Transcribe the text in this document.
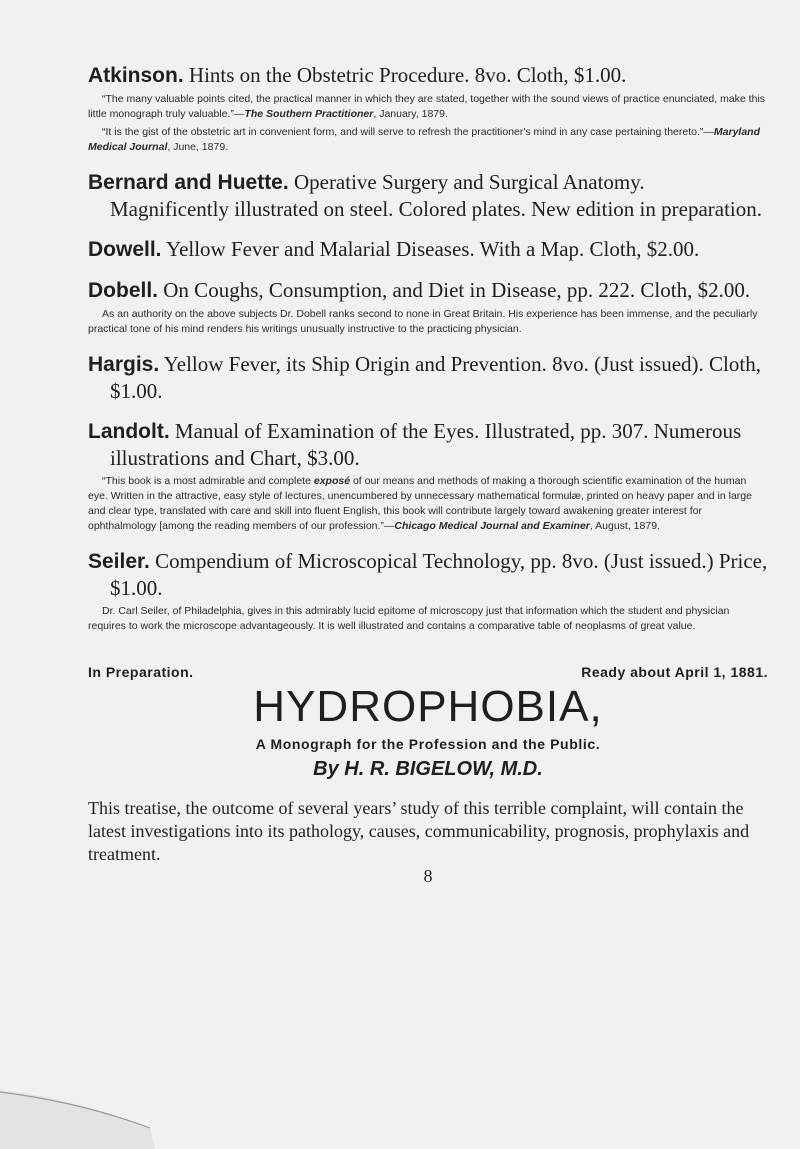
Atkinson. Hints on the Obstetric Procedure. 8vo. Cloth, $1.00.

“The many valuable points cited, the practical manner in which they are stated, together with the sound views of practice enunciated, make this little monograph truly valuable.”—The Southern Practitioner, January, 1879.

“It is the gist of the obstetric art in convenient form, and will serve to refresh the practitioner's mind in any case pertaining thereto.”—Maryland Medical Journal, June, 1879.

Bernard and Huette. Operative Surgery and Surgical Anatomy. Magnificently illustrated on steel. Colored plates. New edition in preparation.

Dowell. Yellow Fever and Malarial Diseases. With a Map. Cloth, $2.00.

Dobell. On Coughs, Consumption, and Diet in Disease, pp. 222. Cloth, $2.00.

As an authority on the above subjects Dr. Dobell ranks second to none in Great Britain. His experience has been immense, and the peculiarly practical tone of his mind renders his writings unusually instructive to the practicing physician.

Hargis. Yellow Fever, its Ship Origin and Prevention. 8vo. (Just issued). Cloth, $1.00.

Landolt. Manual of Examination of the Eyes. Illustrated, pp. 307. Numerous illustrations and Chart, $3.00.

“This book is a most admirable and complete exposé of our means and methods of making a thorough scientific examination of the human eye. Written in the attractive, easy style of lectures, unencumbered by unnecessary mathematical formulæ, printed on heavy paper and in large and clear type, translated with care and skill into fluent English, this book will contribute largely toward awakening greater interest for ophthalmology [among the reading members of our profession.”—Chicago Medical Journal and Examiner, August, 1879.

Seiler. Compendium of Microscopical Technology, pp. 8vo. (Just issued.) Price, $1.00.

Dr. Carl Seiler, of Philadelphia, gives in this admirably lucid epitome of microscopy just that information which the student and physician requires to work the microscope advantageously. It is well illustrated and contains a comparative table of neoplasms of great value.

In Preparation.	Ready about April 1, 1881.

HYDROPHOBIA,

A Monograph for the Profession and the Public.

By H. R. BIGELOW, M.D.

This treatise, the outcome of several years’ study of this terrible complaint, will contain the latest investigations into its pathology, causes, communicability, prognosis, prophylaxis and treatment.

8
